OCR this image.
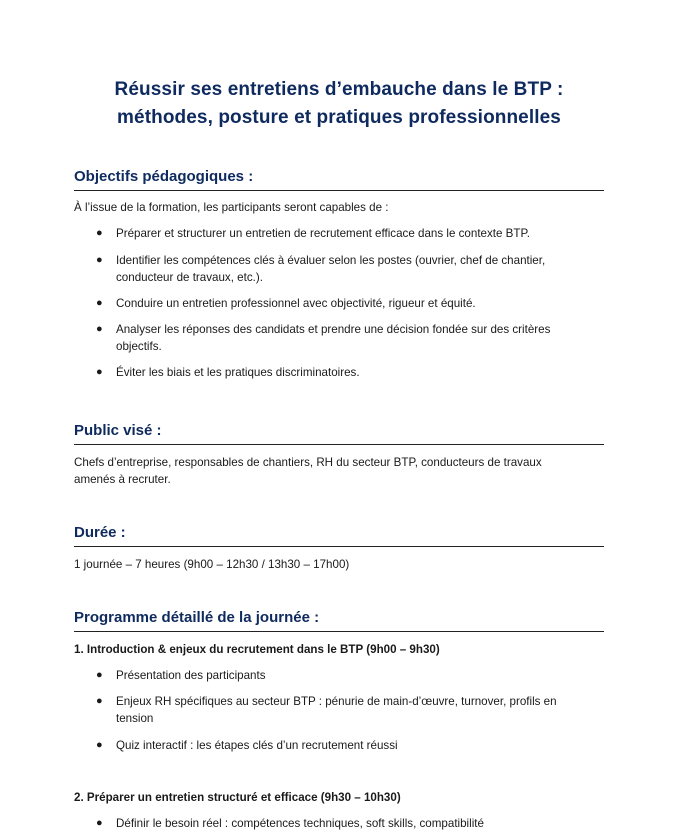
Réussir ses entretiens d’embauche dans le BTP :
méthodes, posture et pratiques professionnelles
Objectifs pédagogiques :
À l’issue de la formation, les participants seront capables de :
● Préparer et structurer un entretien de recrutement efficace dans le contexte BTP.
● Identifier les compétences clés à évaluer selon les postes (ouvrier, chef de chantier, conducteur de travaux, etc.).
● Conduire un entretien professionnel avec objectivité, rigueur et équité.
● Analyser les réponses des candidats et prendre une décision fondée sur des critères objectifs.
● Éviter les biais et les pratiques discriminatoires.
Public visé :
Chefs d’entreprise, responsables de chantiers, RH du secteur BTP, conducteurs de travaux amenés à recruter.
Durée :
1 journée – 7 heures (9h00 – 12h30 / 13h30 – 17h00)
Programme détaillé de la journée :
1. Introduction & enjeux du recrutement dans le BTP (9h00 – 9h30)
● Présentation des participants
● Enjeux RH spécifiques au secteur BTP : pénurie de main-d’œuvre, turnover, profils en tension
● Quiz interactif : les étapes clés d’un recrutement réussi
2. Préparer un entretien structuré et efficace (9h30 – 10h30)
● Définir le besoin réel : compétences techniques, soft skills, compatibilité
